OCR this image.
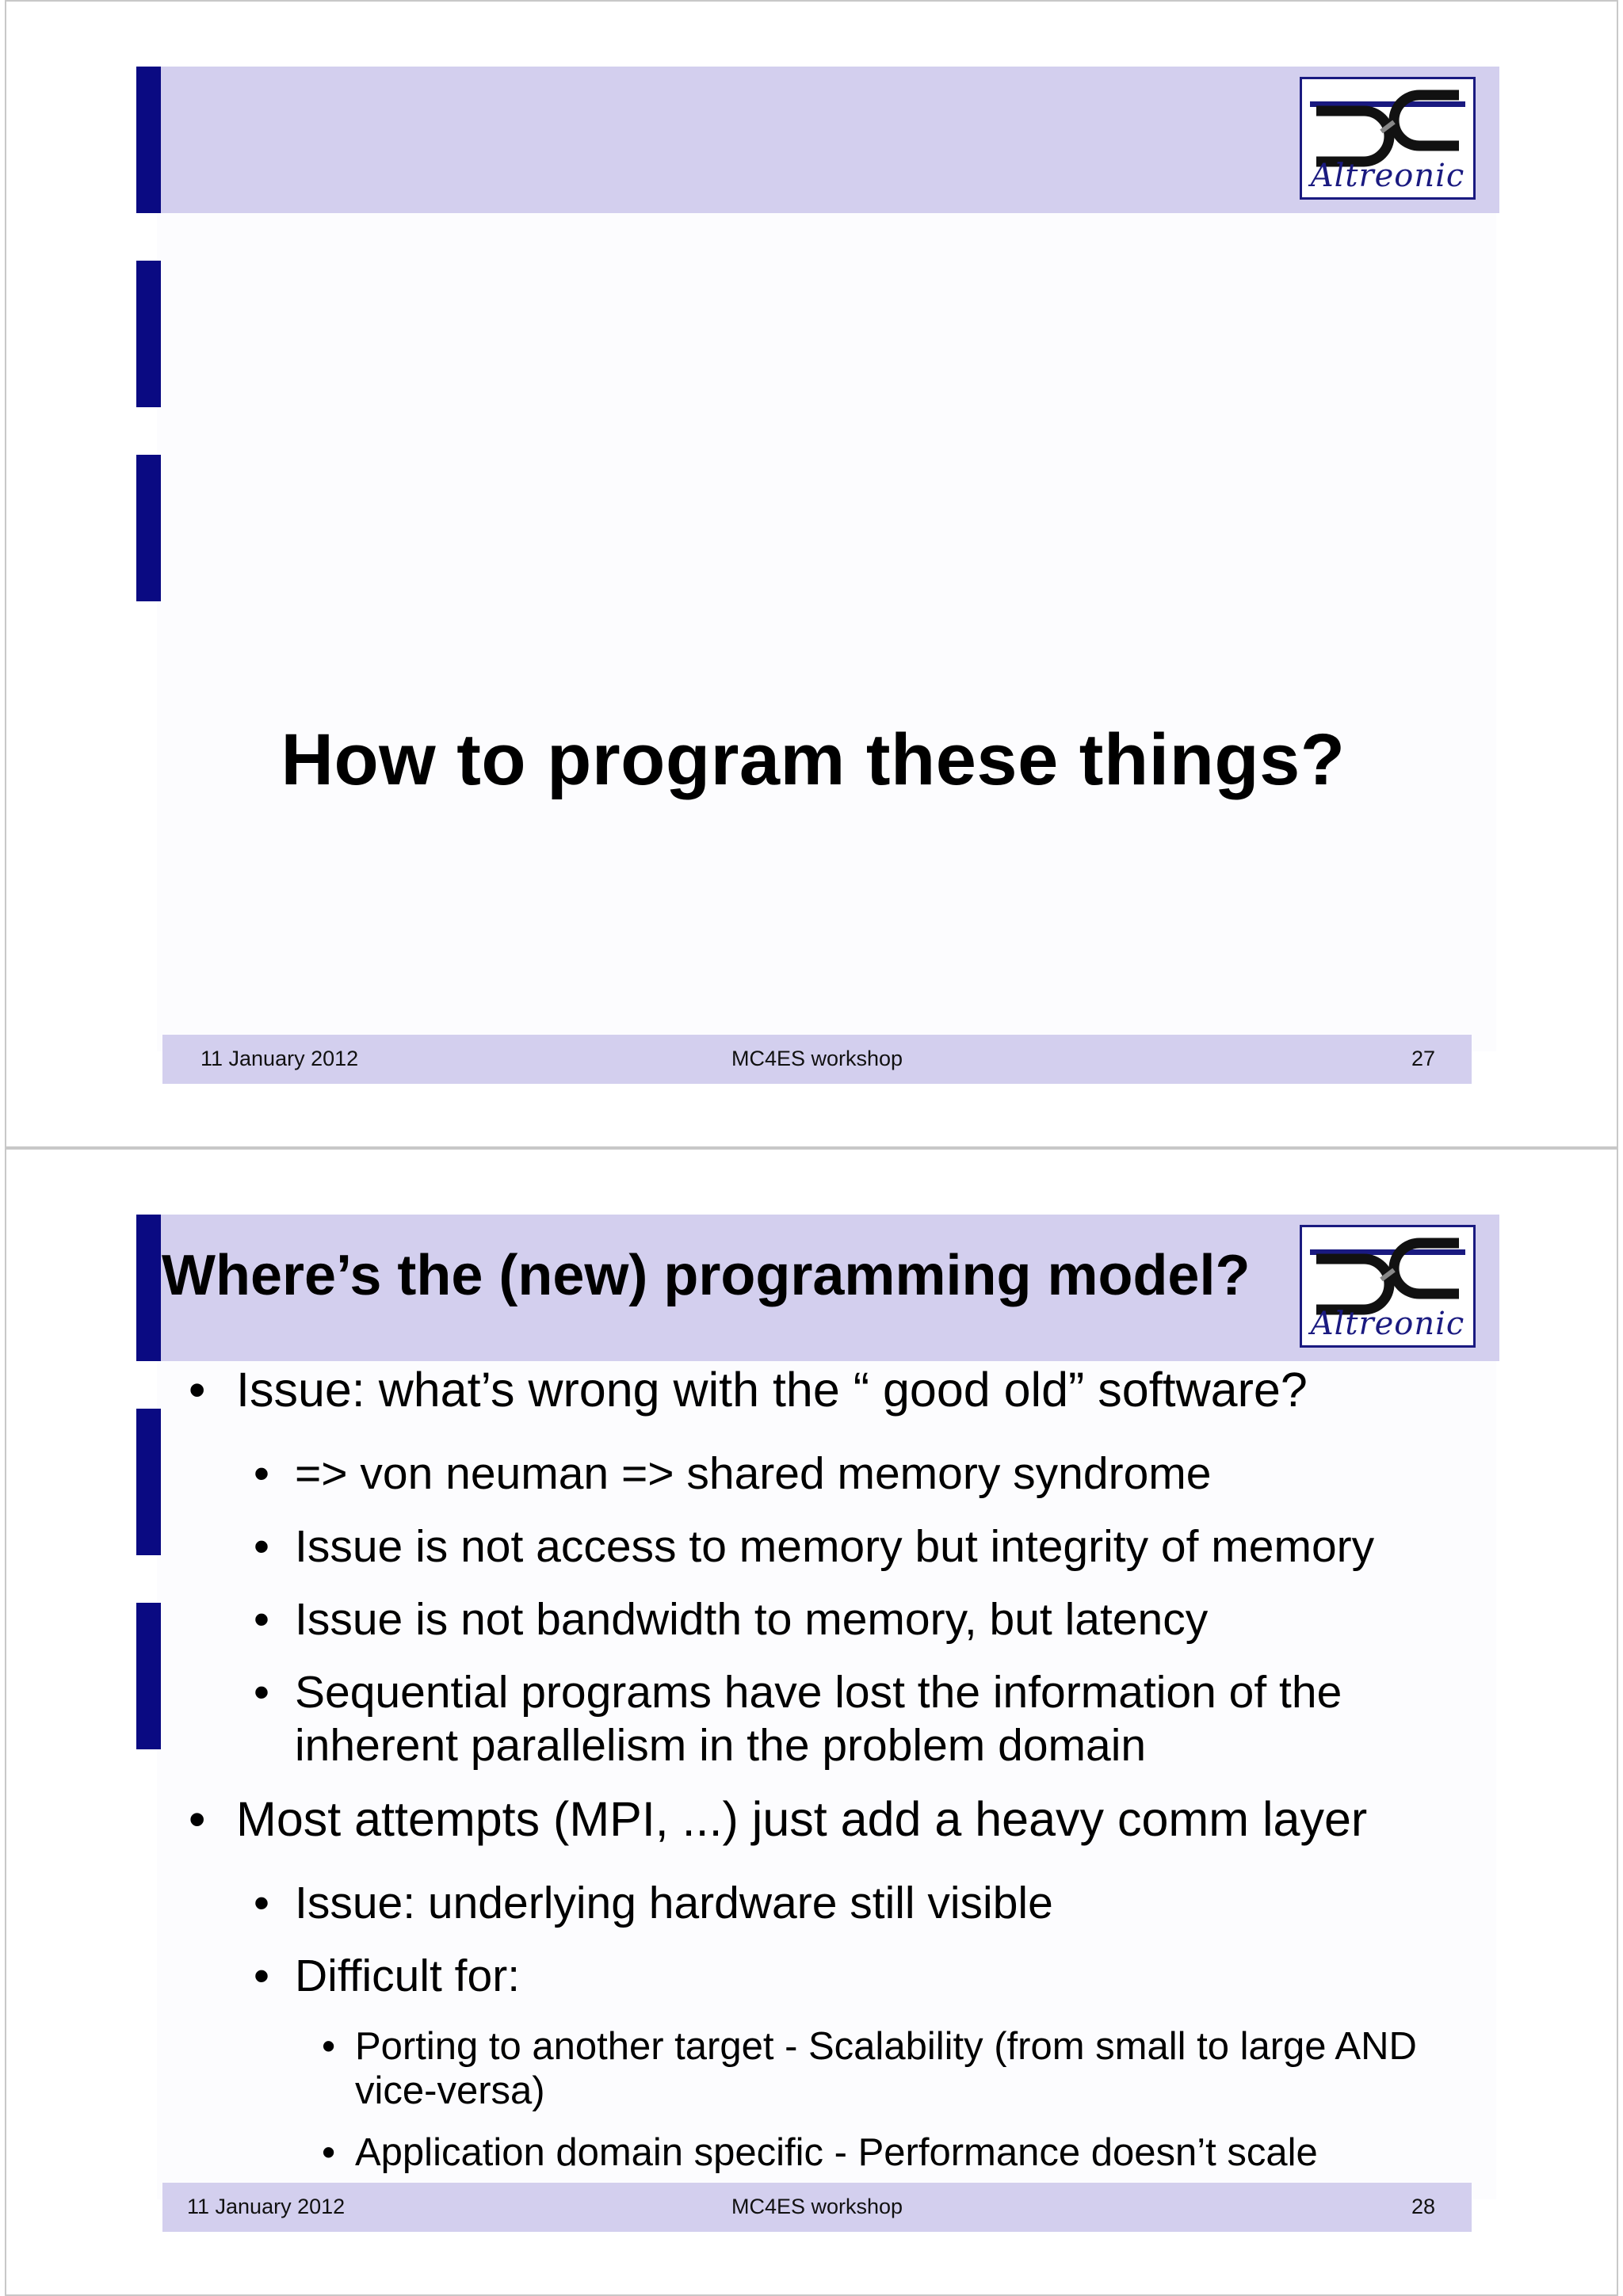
Altreonic
How to program these things?
11 January 2012	MC4ES workshop	27
Where’s the (new) programming model?
Altreonic
• Issue: what’s wrong with the “ good old” software?
• => von neuman => shared memory syndrome
• Issue is not access to memory but integrity of memory
• Issue is not bandwidth to memory, but latency
• Sequential programs have lost the information of the
inherent parallelism in the problem domain
• Most attempts (MPI, ...) just add a heavy comm layer
• Issue: underlying hardware still visible
• Difficult for:
• Porting to another target - Scalability (from small to large AND
vice-versa)
• Application domain specific - Performance doesn’t scale
11 January 2012	MC4ES workshop	28
